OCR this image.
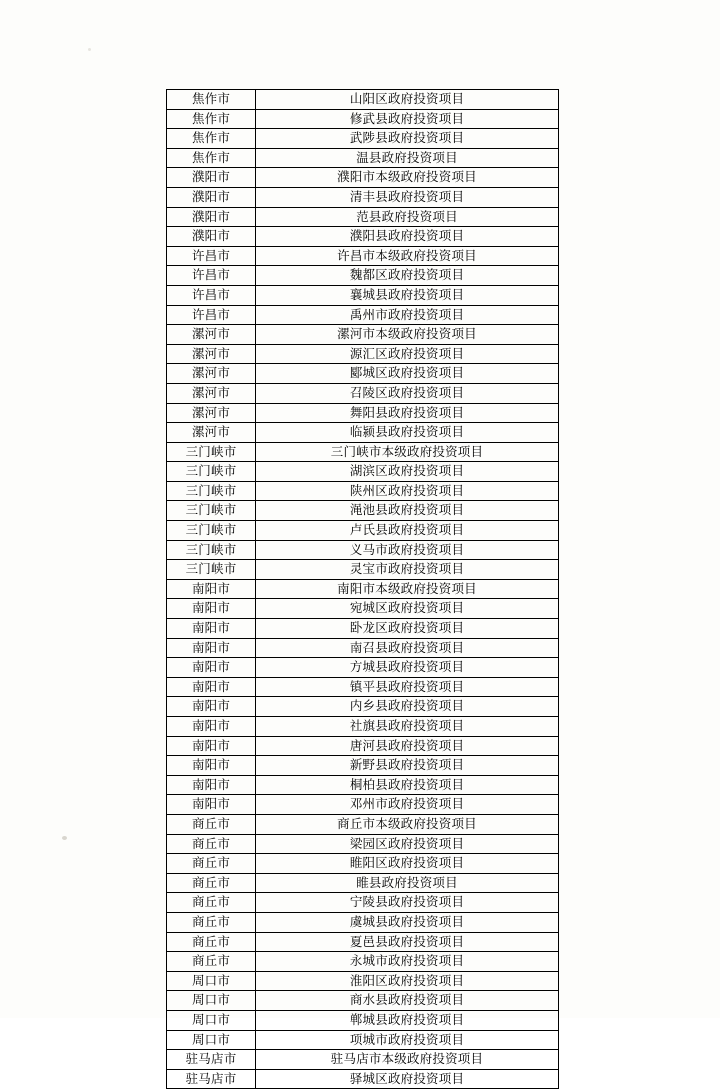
焦作市	山阳区政府投资项目
焦作市	修武县政府投资项目
焦作市	武陟县政府投资项目
焦作市	温县政府投资项目
濮阳市	濮阳市本级政府投资项目
濮阳市	清丰县政府投资项目
濮阳市	范县政府投资项目
濮阳市	濮阳县政府投资项目
许昌市	许昌市本级政府投资项目
许昌市	魏都区政府投资项目
许昌市	襄城县政府投资项目
许昌市	禹州市政府投资项目
漯河市	漯河市本级政府投资项目
漯河市	源汇区政府投资项目
漯河市	郾城区政府投资项目
漯河市	召陵区政府投资项目
漯河市	舞阳县政府投资项目
漯河市	临颍县政府投资项目
三门峡市	三门峡市本级政府投资项目
三门峡市	湖滨区政府投资项目
三门峡市	陕州区政府投资项目
三门峡市	渑池县政府投资项目
三门峡市	卢氏县政府投资项目
三门峡市	义马市政府投资项目
三门峡市	灵宝市政府投资项目
南阳市	南阳市本级政府投资项目
南阳市	宛城区政府投资项目
南阳市	卧龙区政府投资项目
南阳市	南召县政府投资项目
南阳市	方城县政府投资项目
南阳市	镇平县政府投资项目
南阳市	内乡县政府投资项目
南阳市	社旗县政府投资项目
南阳市	唐河县政府投资项目
南阳市	新野县政府投资项目
南阳市	桐柏县政府投资项目
南阳市	邓州市政府投资项目
商丘市	商丘市本级政府投资项目
商丘市	梁园区政府投资项目
商丘市	睢阳区政府投资项目
商丘市	睢县政府投资项目
商丘市	宁陵县政府投资项目
商丘市	虞城县政府投资项目
商丘市	夏邑县政府投资项目
商丘市	永城市政府投资项目
周口市	淮阳区政府投资项目
周口市	商水县政府投资项目
周口市	郸城县政府投资项目
周口市	项城市政府投资项目
驻马店市	驻马店市本级政府投资项目
驻马店市	驿城区政府投资项目
